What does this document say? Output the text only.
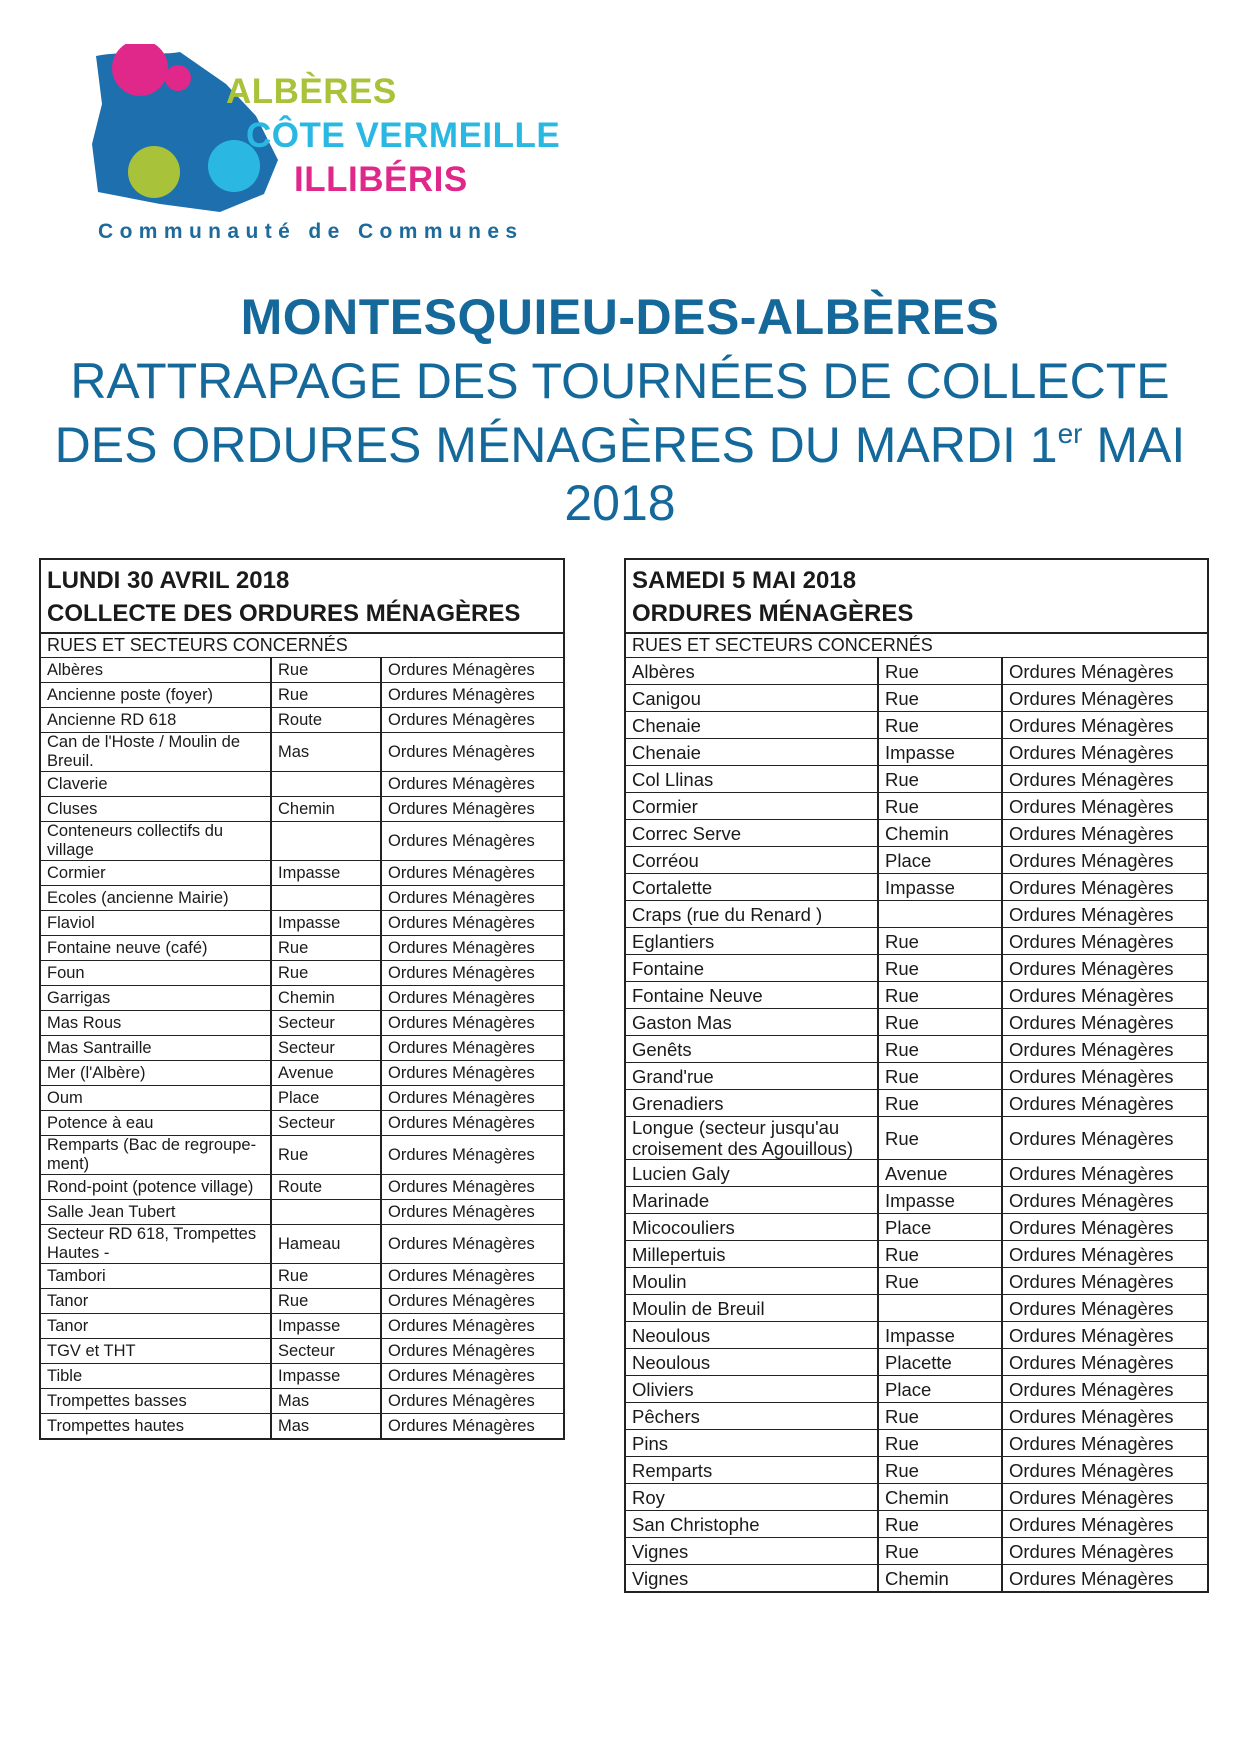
ALBÈRES
CÔTE VERMEILLE
ILLIBÉRIS
Communauté de Communes
MONTESQUIEU-DES-ALBÈRES
RATTRAPAGE DES TOURNÉES DE COLLECTE
DES ORDURES MÉNAGÈRES DU MARDI 1er MAI 2018
LUNDI 30 AVRIL 2018
COLLECTE DES ORDURES MÉNAGÈRES
RUES ET SECTEURS CONCERNÉS
Albères	Rue	Ordures Ménagères
Ancienne poste (foyer)	Rue	Ordures Ménagères
Ancienne RD 618	Route	Ordures Ménagères
Can de l'Hoste / Moulin de Breuil.	Mas	Ordures Ménagères
Claverie		Ordures Ménagères
Cluses	Chemin	Ordures Ménagères
Conteneurs collectifs du village		Ordures Ménagères
Cormier	Impasse	Ordures Ménagères
Ecoles (ancienne Mairie)		Ordures Ménagères
Flaviol	Impasse	Ordures Ménagères
Fontaine neuve (café)	Rue	Ordures Ménagères
Foun	Rue	Ordures Ménagères
Garrigas	Chemin	Ordures Ménagères
Mas Rous	Secteur	Ordures Ménagères
Mas Santraille	Secteur	Ordures Ménagères
Mer (l'Albère)	Avenue	Ordures Ménagères
Oum	Place	Ordures Ménagères
Potence à eau	Secteur	Ordures Ménagères
Remparts (Bac de regroupe-ment)	Rue	Ordures Ménagères
Rond-point (potence village)	Route	Ordures Ménagères
Salle Jean Tubert		Ordures Ménagères
Secteur RD 618, Trompettes Hautes -	Hameau	Ordures Ménagères
Tambori	Rue	Ordures Ménagères
Tanor	Rue	Ordures Ménagères
Tanor	Impasse	Ordures Ménagères
TGV et THT	Secteur	Ordures Ménagères
Tible	Impasse	Ordures Ménagères
Trompettes basses	Mas	Ordures Ménagères
Trompettes hautes	Mas	Ordures Ménagères
SAMEDI 5 MAI 2018
ORDURES MÉNAGÈRES
RUES ET SECTEURS CONCERNÉS
Albères	Rue	Ordures Ménagères
Canigou	Rue	Ordures Ménagères
Chenaie	Rue	Ordures Ménagères
Chenaie	Impasse	Ordures Ménagères
Col Llinas	Rue	Ordures Ménagères
Cormier	Rue	Ordures Ménagères
Correc Serve	Chemin	Ordures Ménagères
Corréou	Place	Ordures Ménagères
Cortalette	Impasse	Ordures Ménagères
Craps (rue du Renard )		Ordures Ménagères
Eglantiers	Rue	Ordures Ménagères
Fontaine	Rue	Ordures Ménagères
Fontaine Neuve	Rue	Ordures Ménagères
Gaston Mas	Rue	Ordures Ménagères
Genêts	Rue	Ordures Ménagères
Grand'rue	Rue	Ordures Ménagères
Grenadiers	Rue	Ordures Ménagères
Longue (secteur jusqu'au croisement des Agouillous)	Rue	Ordures Ménagères
Lucien Galy	Avenue	Ordures Ménagères
Marinade	Impasse	Ordures Ménagères
Micocouliers	Place	Ordures Ménagères
Millepertuis	Rue	Ordures Ménagères
Moulin	Rue	Ordures Ménagères
Moulin de Breuil		Ordures Ménagères
Neoulous	Impasse	Ordures Ménagères
Neoulous	Placette	Ordures Ménagères
Oliviers	Place	Ordures Ménagères
Pêchers	Rue	Ordures Ménagères
Pins	Rue	Ordures Ménagères
Remparts	Rue	Ordures Ménagères
Roy	Chemin	Ordures Ménagères
San Christophe	Rue	Ordures Ménagères
Vignes	Rue	Ordures Ménagères
Vignes	Chemin	Ordures Ménagères
